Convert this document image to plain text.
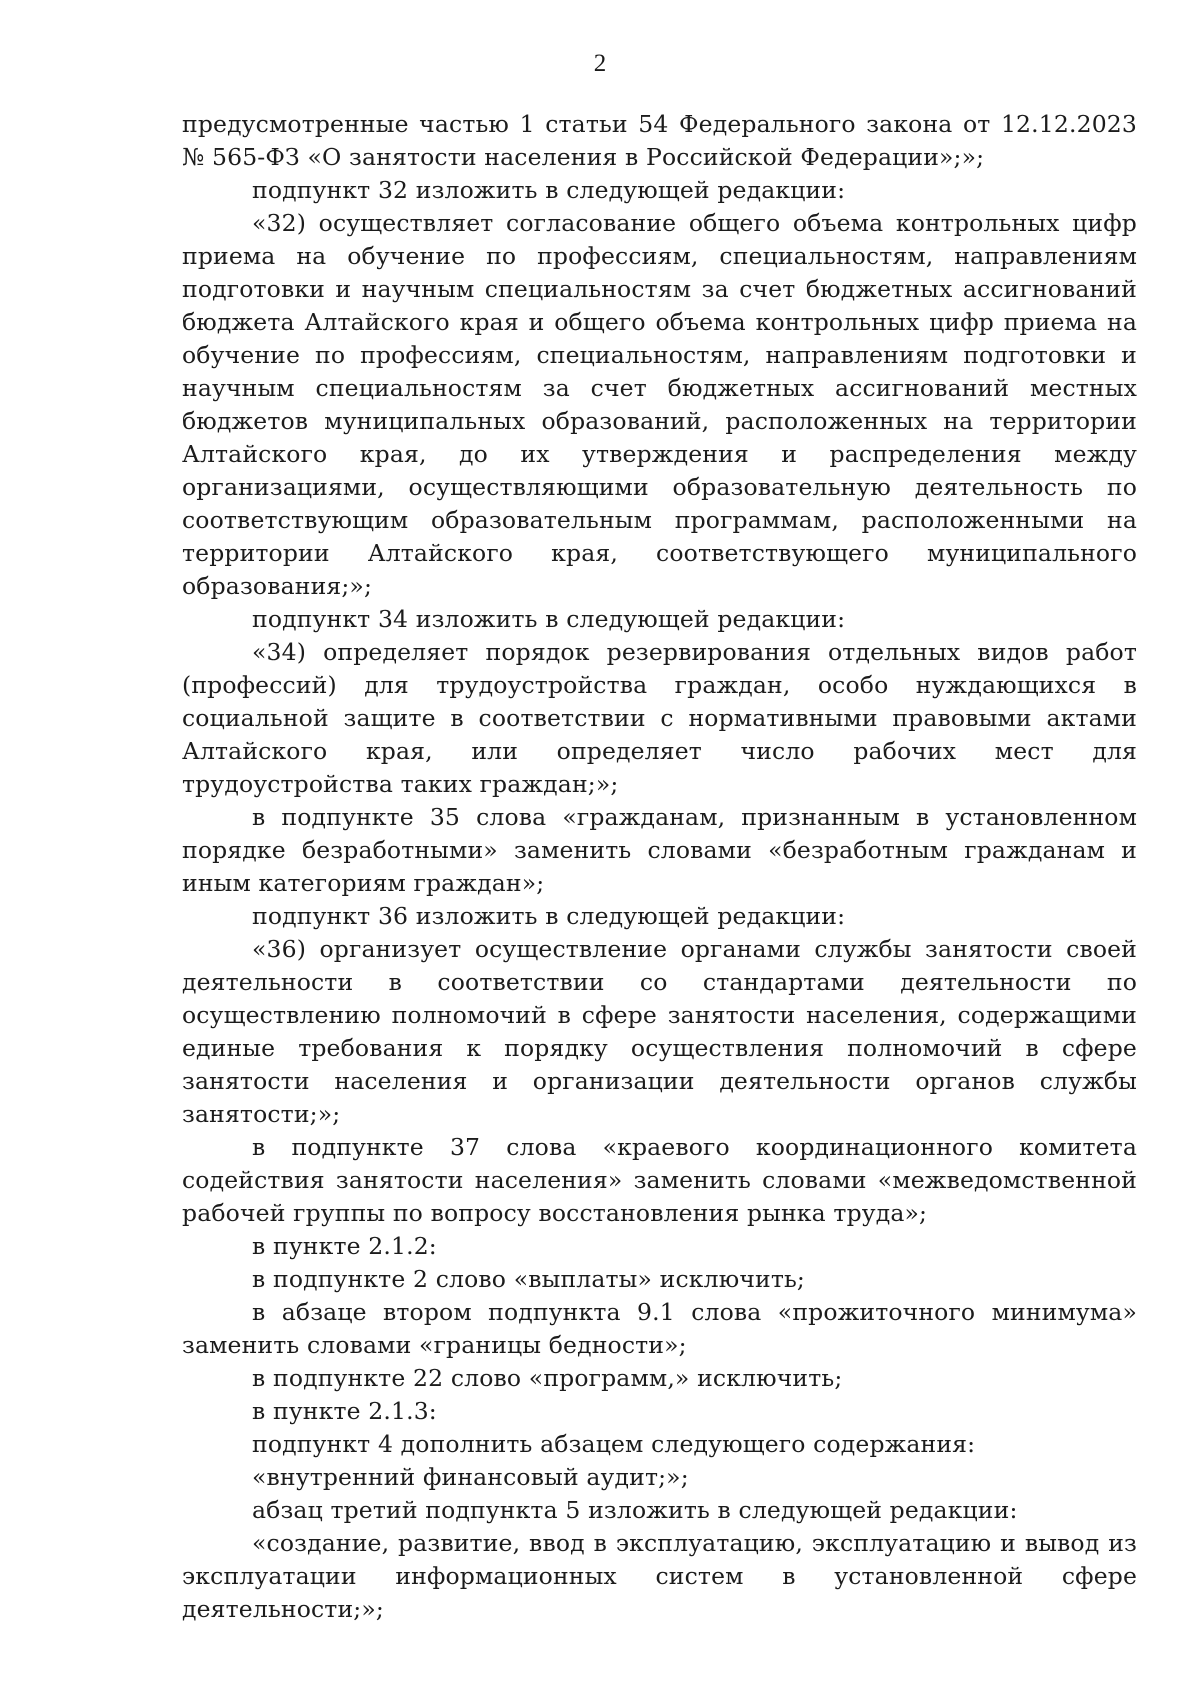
2

предусмотренные частью 1 статьи 54 Федерального закона от 12.12.2023 № 565-ФЗ «О занятости населения в Российской Федерации»;»;

подпункт 32 изложить в следующей редакции:

«32) осуществляет согласование общего объема контрольных цифр приема на обучение по профессиям, специальностям, направлениям подготовки и научным специальностям за счет бюджетных ассигнований бюджета Алтайского края и общего объема контрольных цифр приема на обучение по профессиям, специальностям, направлениям подготовки и научным специальностям за счет бюджетных ассигнований местных бюджетов муниципальных образований, расположенных на территории Алтайского края, до их утверждения и распределения между организациями, осуществляющими образовательную деятельность по соответствующим образовательным программам, расположенными на территории Алтайского края, соответствующего муниципального образования;»;

подпункт 34 изложить в следующей редакции:

«34) определяет порядок резервирования отдельных видов работ (профессий) для трудоустройства граждан, особо нуждающихся в социальной защите в соответствии с нормативными правовыми актами Алтайского края, или определяет число рабочих мест для трудоустройства таких граждан;»;

в подпункте 35 слова «гражданам, признанным в установленном порядке безработными» заменить словами «безработным гражданам и иным категориям граждан»;

подпункт 36 изложить в следующей редакции:

«36) организует осуществление органами службы занятости своей деятельности в соответствии со стандартами деятельности по осуществлению полномочий в сфере занятости населения, содержащими единые требования к порядку осуществления полномочий в сфере занятости населения и организации деятельности органов службы занятости;»;

в подпункте 37 слова «краевого координационного комитета содействия занятости населения» заменить словами «межведомственной рабочей группы по вопросу восстановления рынка труда»;

в пункте 2.1.2:

в подпункте 2 слово «выплаты» исключить;

в абзаце втором подпункта 9.1 слова «прожиточного минимума» заменить словами «границы бедности»;

в подпункте 22 слово «программ,» исключить;

в пункте 2.1.3:

подпункт 4 дополнить абзацем следующего содержания:

«внутренний финансовый аудит;»;

абзац третий подпункта 5 изложить в следующей редакции:

«создание, развитие, ввод в эксплуатацию, эксплуатацию и вывод из эксплуатации информационных систем в установленной сфере деятельности;»;
